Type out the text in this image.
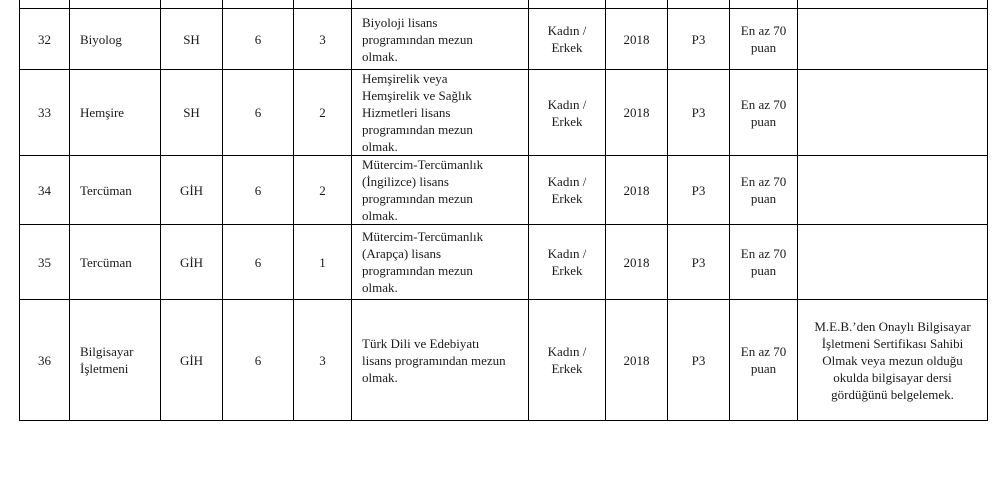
32	Biyolog	SH	6	3	Biyoloji lisans
programından mezun
olmak.	Kadın /
Erkek	2018	P3	En az 70
puan	
33	Hemşire	SH	6	2	Hemşirelik veya
Hemşirelik ve Sağlık
Hizmetleri lisans
programından mezun
olmak.	Kadın /
Erkek	2018	P3	En az 70
puan	
34	Tercüman	GİH	6	2	Mütercim-Tercümanlık
(İngilizce) lisans
programından mezun
olmak.	Kadın /
Erkek	2018	P3	En az 70
puan	
35	Tercüman	GİH	6	1	Mütercim-Tercümanlık
(Arapça) lisans
programından mezun
olmak.	Kadın /
Erkek	2018	P3	En az 70
puan	
36	Bilgisayar
İşletmeni	GİH	6	3	Türk Dili ve Edebiyatı
lisans programından mezun
olmak.	Kadın /
Erkek	2018	P3	En az 70
puan	M.E.B.’den Onaylı Bilgisayar
İşletmeni Sertifikası Sahibi
Olmak veya mezun olduğu
okulda bilgisayar dersi
gördüğünü belgelemek.
